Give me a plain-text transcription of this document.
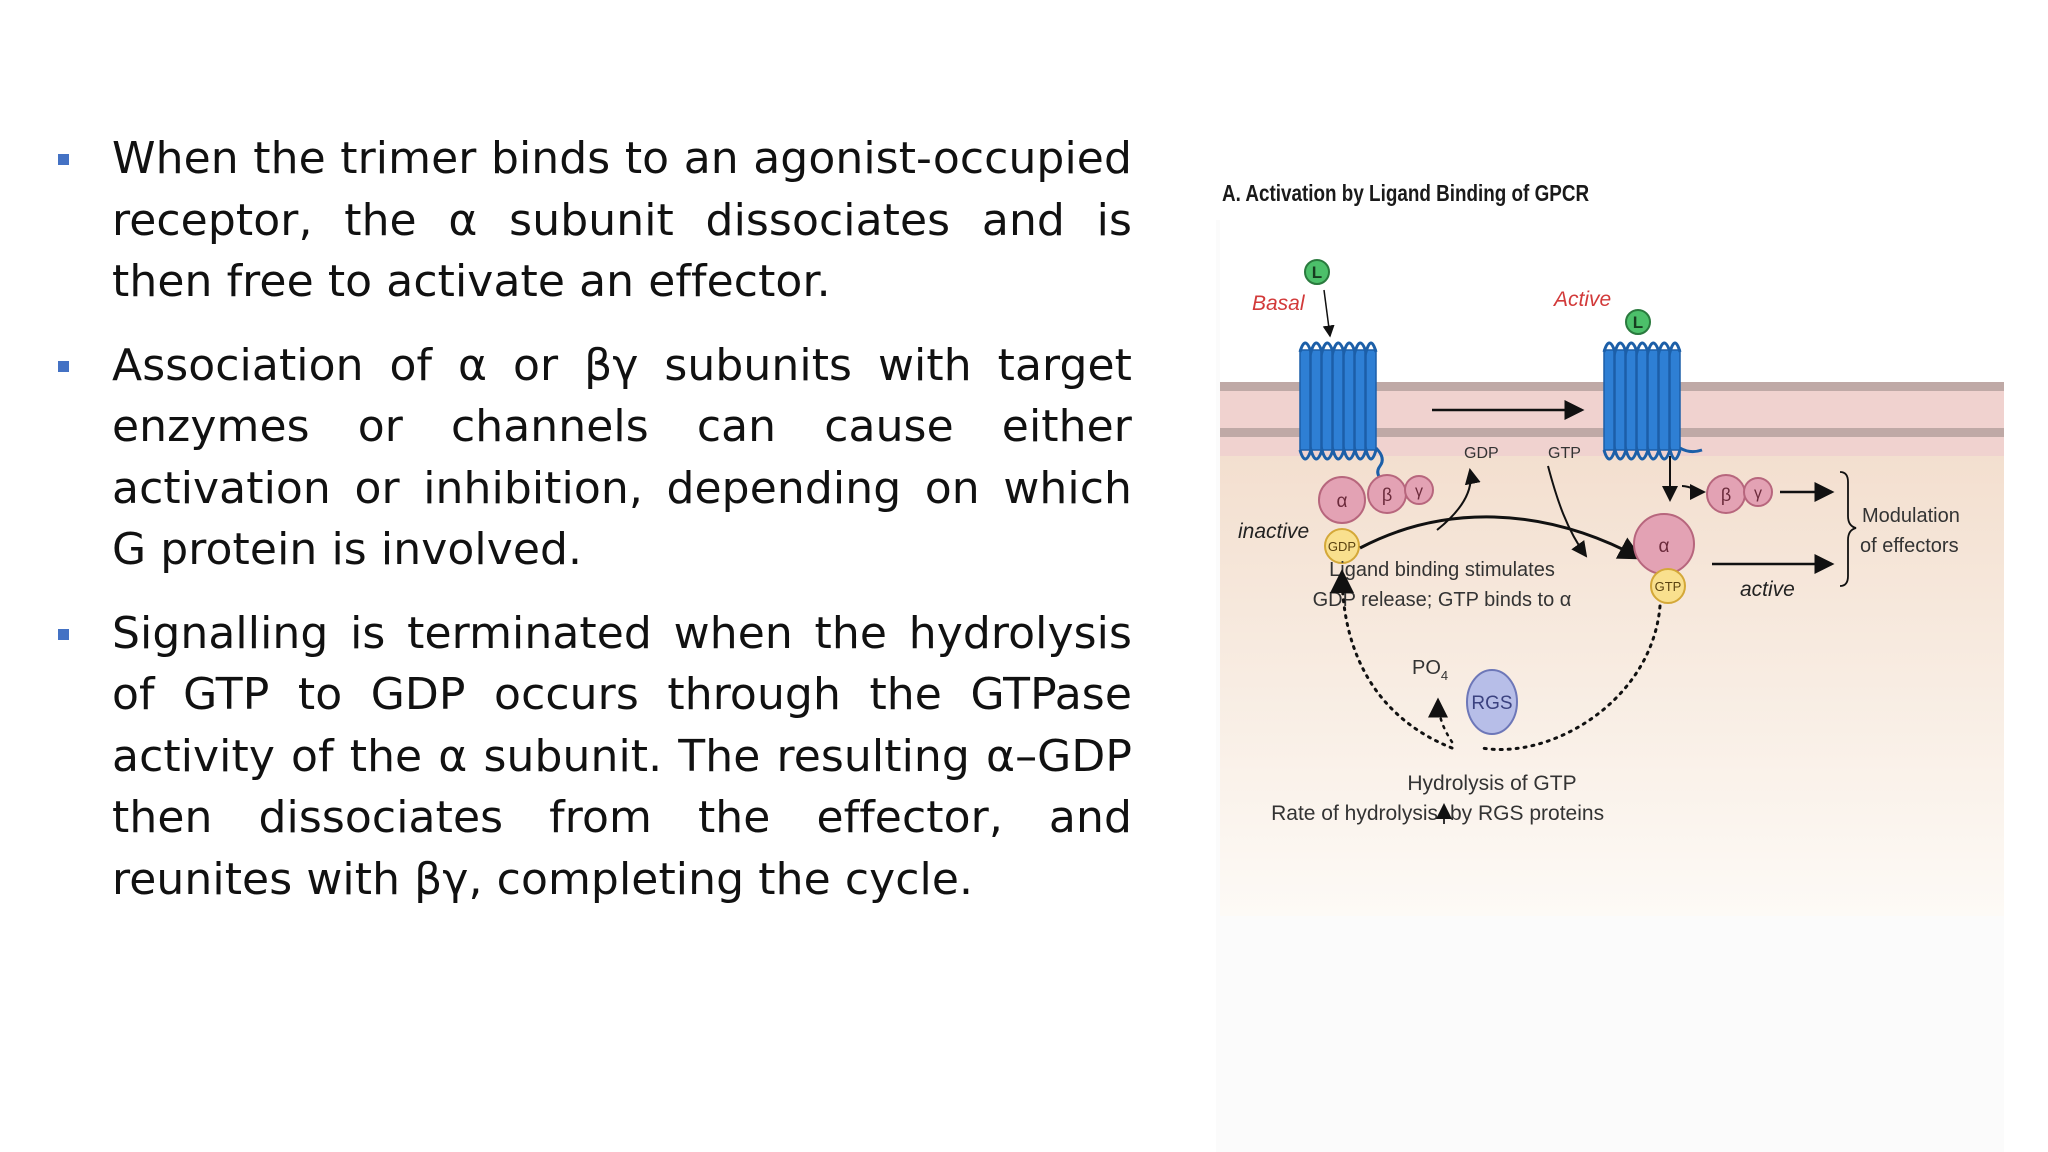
When the trimer binds to an agonist-occupied receptor, the α subunit dissociates and is then free to activate an effector.
Association of α or βγ subunits with target enzymes or channels can cause either activation or inhibition, depending on which G protein is involved.
Signalling is terminated when the hydrolysis of GTP to GDP occurs through the GTPase activity of the α subunit. The resulting α–GDP then dissociates from the effector, and reunites with βγ, completing the cycle.
L
L
Basal	Active
GDP	GTP
α β γ
GDP
inactive
α
GTP
β γ
active
Modulation
of effectors
Ligand binding stimulates
GDP release; GTP binds to α
$PO_4$
RGS
Hydrolysis of GTP
Rate of hydrolysis by RGS proteins
A. Activation by Ligand Binding of GPCR
